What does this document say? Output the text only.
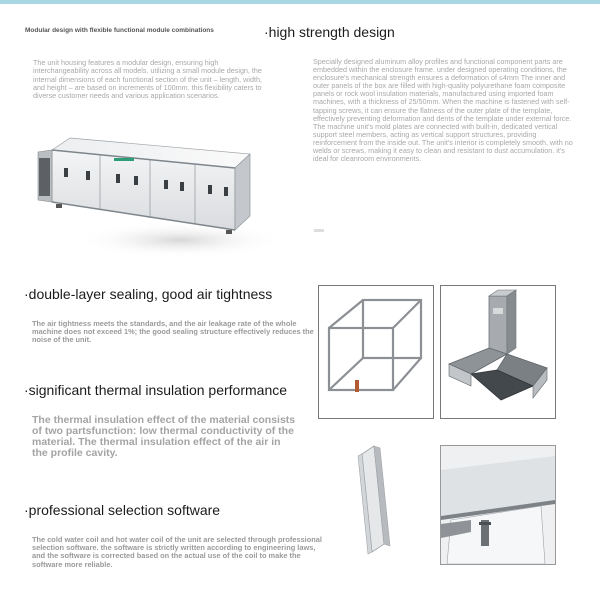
Modular design with flexible functional module combinations
The unit housing features a modular design, ensuring high interchangeability across all models. utilizing a small module design, the internal dimensions of each functional section of the unit – length, width, and height – are based on increments of 100mm. this flexibility caters to diverse customer needs and various application scenarios.
·high strength design
Specially designed aluminum alloy profiles and functional component parts are embedded within the enclosure frame. under designed operating conditions, the enclosure's mechanical strength ensures a deformation of ≤4mm The inner and outer panels of the box are filled with high-quality polyurethane foam composite panels or rock wool insulation materials, manufactured using imported foam machines, with a thickness of 25/50mm. When the machine is fastened with self-tapping screws, it can ensure the flatness of the outer plate of the template, effectively preventing deformation and dents of the template under external force. The machine unit's mold plates are connected with built-in, dedicated vertical support steel members, acting as vertical support structures, providing reinforcement from the inside out. The unit's interior is completely smooth, with no welds or screws, making it easy to clean and resistant to dust accumulation. it's ideal for cleanroom environments.
·double-layer sealing, good air tightness
The air tightness meets the standards, and the air leakage rate of the whole machine does not exceed 1%; the good sealing structure effectively reduces the noise of the unit.
·significant thermal insulation performance
The thermal insulation effect of the material consists of two partsfunction: low thermal conductivity of the material. The thermal insulation effect of the air in the profile cavity.
·professional selection software
The cold water coil and hot water coil of the unit are selected through professional selection software. the software is strictly written according to engineering laws, and the software is corrected based on the actual use of the coil to make the software more reliable.
